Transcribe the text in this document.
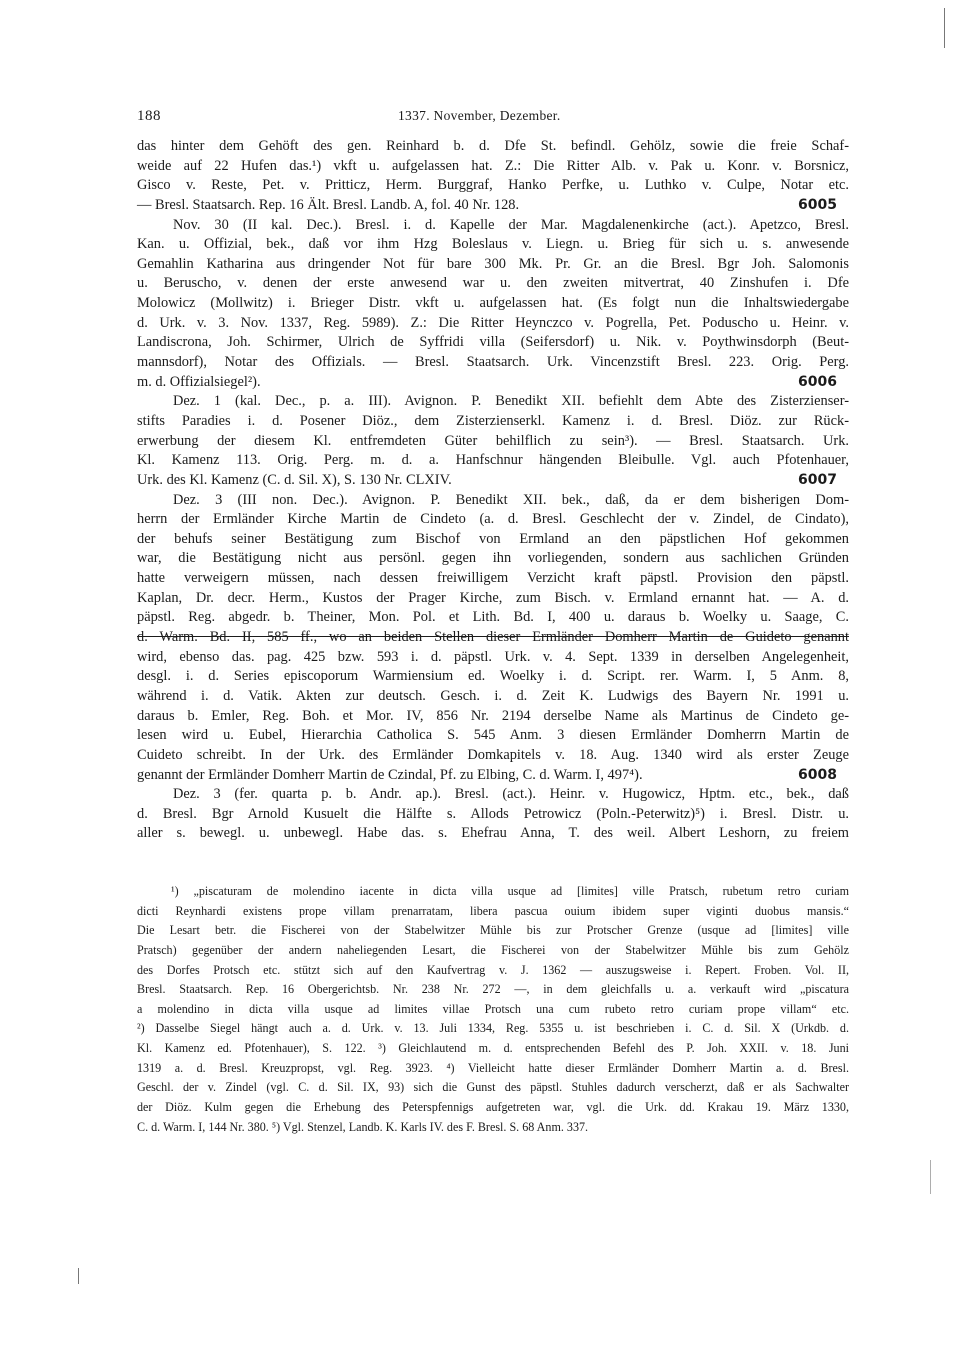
188	1337. November, Dezember.
das hinter dem Gehöft des gen. Reinhard b. d. Dfe St. befindl. Gehölz, sowie die freie Schaf-
weide auf 22 Hufen das.¹) vkft u. aufgelassen hat. Z.: Die Ritter Alb. v. Pak u. Konr. v. Borsnicz,
Gisco v. Reste, Pet. v. Pritticz, Herm. Burggraf, Hanko Perfke, u. Luthko v. Culpe, Notar etc.
— Bresl. Staatsarch. Rep. 16 Ält. Bresl. Landb. A, fol. 40 Nr. 128.	6005
Nov. 30 (II kal. Dec.). Bresl. i. d. Kapelle der Mar. Magdalenenkirche (act.). Apetzco, Bresl.
Kan. u. Offizial, bek., daß vor ihm Hzg Boleslaus v. Liegn. u. Brieg für sich u. s. anwesende
Gemahlin Katharina aus dringender Not für bare 300 Mk. Pr. Gr. an die Bresl. Bgr Joh. Salomonis
u. Beruscho, v. denen der erste anwesend war u. den zweiten mitvertrat, 40 Zinshufen i. Dfe
Molowicz (Mollwitz) i. Brieger Distr. vkft u. aufgelassen hat. (Es folgt nun die Inhaltswiedergabe
d. Urk. v. 3. Nov. 1337, Reg. 5989). Z.: Die Ritter Heynczco v. Pogrella, Pet. Poduscho u. Heinr. v.
Landiscrona, Joh. Schirmer, Ulrich de Syffridi villa (Seifersdorf) u. Nik. v. Poythwinsdorph (Beut-
mannsdorf), Notar des Offizials. — Bresl. Staatsarch. Urk. Vincenzstift Bresl. 223. Orig. Perg.
m. d. Offizialsiegel²).	6006
Dez. 1 (kal. Dec., p. a. III). Avignon. P. Benedikt XII. befiehlt dem Abte des Zisterzienser-
stifts Paradies i. d. Posener Diöz., dem Zisterzienserkl. Kamenz i. d. Bresl. Diöz. zur Rück-
erwerbung der diesem Kl. entfremdeten Güter behilflich zu sein³). — Bresl. Staatsarch. Urk.
Kl. Kamenz 113. Orig. Perg. m. d. a. Hanfschnur hängenden Bleibulle. Vgl. auch Pfotenhauer,
Urk. des Kl. Kamenz (C. d. Sil. X), S. 130 Nr. CLXIV.	6007
Dez. 3 (III non. Dec.). Avignon. P. Benedikt XII. bek., daß, da er dem bisherigen Dom-
herrn der Ermländer Kirche Martin de Cindeto (a. d. Bresl. Geschlecht der v. Zindel, de Cindato),
der behufs seiner Bestätigung zum Bischof von Ermland an den päpstlichen Hof gekommen
war, die Bestätigung nicht aus persönl. gegen ihn vorliegenden, sondern aus sachlichen Gründen
hatte verweigern müssen, nach dessen freiwilligem Verzicht kraft päpstl. Provision den päpstl.
Kaplan, Dr. decr. Herm., Kustos der Prager Kirche, zum Bisch. v. Ermland ernannt hat. — A. d.
päpstl. Reg. abgedr. b. Theiner, Mon. Pol. et Lith. Bd. I, 400 u. daraus b. Woelky u. Saage, C.
d. Warm. Bd. II, 585 ff., wo an beiden Stellen dieser Ermländer Domherr Martin de Guideto genannt
wird, ebenso das. pag. 425 bzw. 593 i. d. päpstl. Urk. v. 4. Sept. 1339 in derselben Angelegenheit,
desgl. i. d. Series episcoporum Warmiensium ed. Woelky i. d. Script. rer. Warm. I, 5 Anm. 8,
während i. d. Vatik. Akten zur deutsch. Gesch. i. d. Zeit K. Ludwigs des Bayern Nr. 1991 u.
daraus b. Emler, Reg. Boh. et Mor. IV, 856 Nr. 2194 derselbe Name als Martinus de Cindeto ge-
lesen wird u. Eubel, Hierarchia Catholica S. 545 Anm. 3 diesen Ermländer Domherrn Martin de
Cuideto schreibt. In der Urk. des Ermländer Domkapitels v. 18. Aug. 1340 wird als erster Zeuge
genannt der Ermländer Domherr Martin de Czindal, Pf. zu Elbing, C. d. Warm. I, 497⁴).	6008
Dez. 3 (fer. quarta p. b. Andr. ap.). Bresl. (act.). Heinr. v. Hugowicz, Hptm. etc., bek., daß
d. Bresl. Bgr Arnold Kusuelt die Hälfte s. Allods Petrowicz (Poln.-Peterwitz)⁵) i. Bresl. Distr. u.
aller s. bewegl. u. unbewegl. Habe das. s. Ehefrau Anna, T. des weil. Albert Leshorn, zu freiem
¹) „piscaturam de molendino iacente in dicta villa usque ad [limites] ville Pratsch, rubetum retro curiam
dicti Reynhardi existens prope villam prenarratam, libera pascua ouium ibidem super viginti duobus mansis.“
Die Lesart betr. die Fischerei von der Stabelwitzer Mühle bis zur Protscher Grenze (usque ad [limites] ville
Pratsch) gegenüber der andern naheliegenden Lesart, die Fischerei von der Stabelwitzer Mühle bis zum Gehölz
des Dorfes Protsch etc. stützt sich auf den Kaufvertrag v. J. 1362 — auszugsweise i. Repert. Froben. Vol. II,
Bresl. Staatsarch. Rep. 16 Obergerichtsb. Nr. 238 Nr. 272 —, in dem gleichfalls u. a. verkauft wird „piscatura
a molendino in dicta villa usque ad limites villae Protsch una cum rubeto retro curiam prope villam“ etc.
²) Dasselbe Siegel hängt auch a. d. Urk. v. 13. Juli 1334, Reg. 5355 u. ist beschrieben i. C. d. Sil. X (Urkdb. d.
Kl. Kamenz ed. Pfotenhauer), S. 122. ³) Gleichlautend m. d. entsprechenden Befehl des P. Joh. XXII. v. 18. Juni
1319 a. d. Bresl. Kreuzpropst, vgl. Reg. 3923. ⁴) Vielleicht hatte dieser Ermländer Domherr Martin a. d. Bresl.
Geschl. der v. Zindel (vgl. C. d. Sil. IX, 93) sich die Gunst des päpstl. Stuhles dadurch verscherzt, daß er als Sachwalter
der Diöz. Kulm gegen die Erhebung des Peterspfennigs aufgetreten war, vgl. die Urk. dd. Krakau 19. März 1330,
C. d. Warm. I, 144 Nr. 380. ⁵) Vgl. Stenzel, Landb. K. Karls IV. des F. Bresl. S. 68 Anm. 337.
